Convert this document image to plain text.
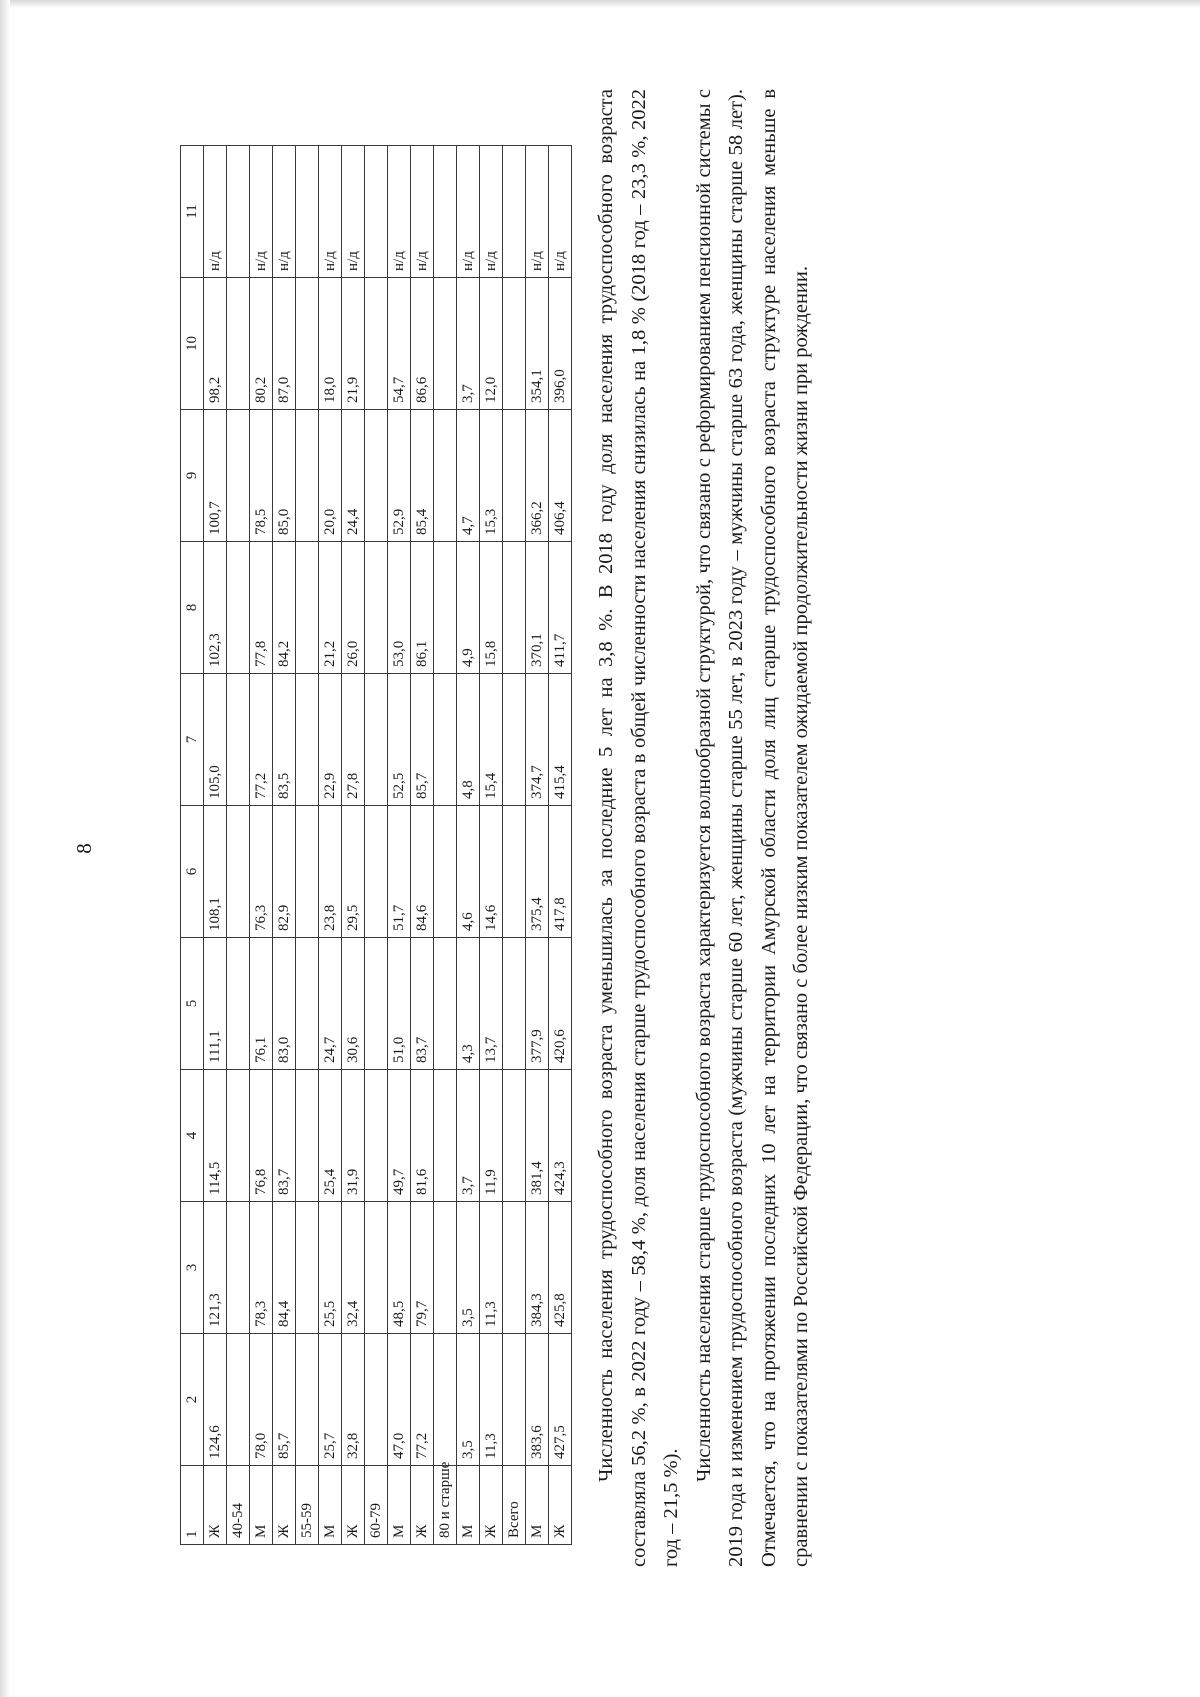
8
1	2	3	4	5	6	7	8	9	10	11
Ж	124,6	121,3	114,5	111,1	108,1	105,0	102,3	100,7	98,2	н/д
40-54										
М	78,0	78,3	76,8	76,1	76,3	77,2	77,8	78,5	80,2	н/д
Ж	85,7	84,4	83,7	83,0	82,9	83,5	84,2	85,0	87,0	н/д
55-59										
М	25,7	25,5	25,4	24,7	23,8	22,9	21,2	20,0	18,0	н/д
Ж	32,8	32,4	31,9	30,6	29,5	27,8	26,0	24,4	21,9	н/д
60-79										
М	47,0	48,5	49,7	51,0	51,7	52,5	53,0	52,9	54,7	н/д
Ж	77,2	79,7	81,6	83,7	84,6	85,7	86,1	85,4	86,6	н/д
80 и старше										
М	3,5	3,5	3,7	4,3	4,6	4,8	4,9	4,7	3,7	н/д
Ж	11,3	11,3	11,9	13,7	14,6	15,4	15,8	15,3	12,0	н/д
Всего										
М	383,6	384,3	381,4	377,9	375,4	374,7	370,1	366,2	354,1	н/д
Ж	427,5	425,8	424,3	420,6	417,8	415,4	411,7	406,4	396,0	н/д Численность населения трудоспособного возраста уменьшилась за последние 5 лет на 3,8 %. В 2018 году доля населения трудоспособного возраста составляла 56,2 %, в 2022 году – 58,4 %, доля населения старше трудоспособного возраста в общей численности населения снизилась на 1,8 % (2018 год – 23,3 %, 2022 год – 21,5 %).

Численность населения старше трудоспособного возраста характеризуется волнообразной структурой, что связано с реформированием пенсионной системы с 2019 года и изменением трудоспособного возраста (мужчины старше 60 лет, женщины старше 55 лет, в 2023 году – мужчины старше 63 года, женщины старше 58 лет). Отмечается, что на протяжении последних 10 лет на территории Амурской области доля лиц старше трудоспособного возраста структуре населения меньше в сравнении с показателями по Российской Федерации, что связано с более низким показателем ожидаемой продолжительности жизни при рождении.
